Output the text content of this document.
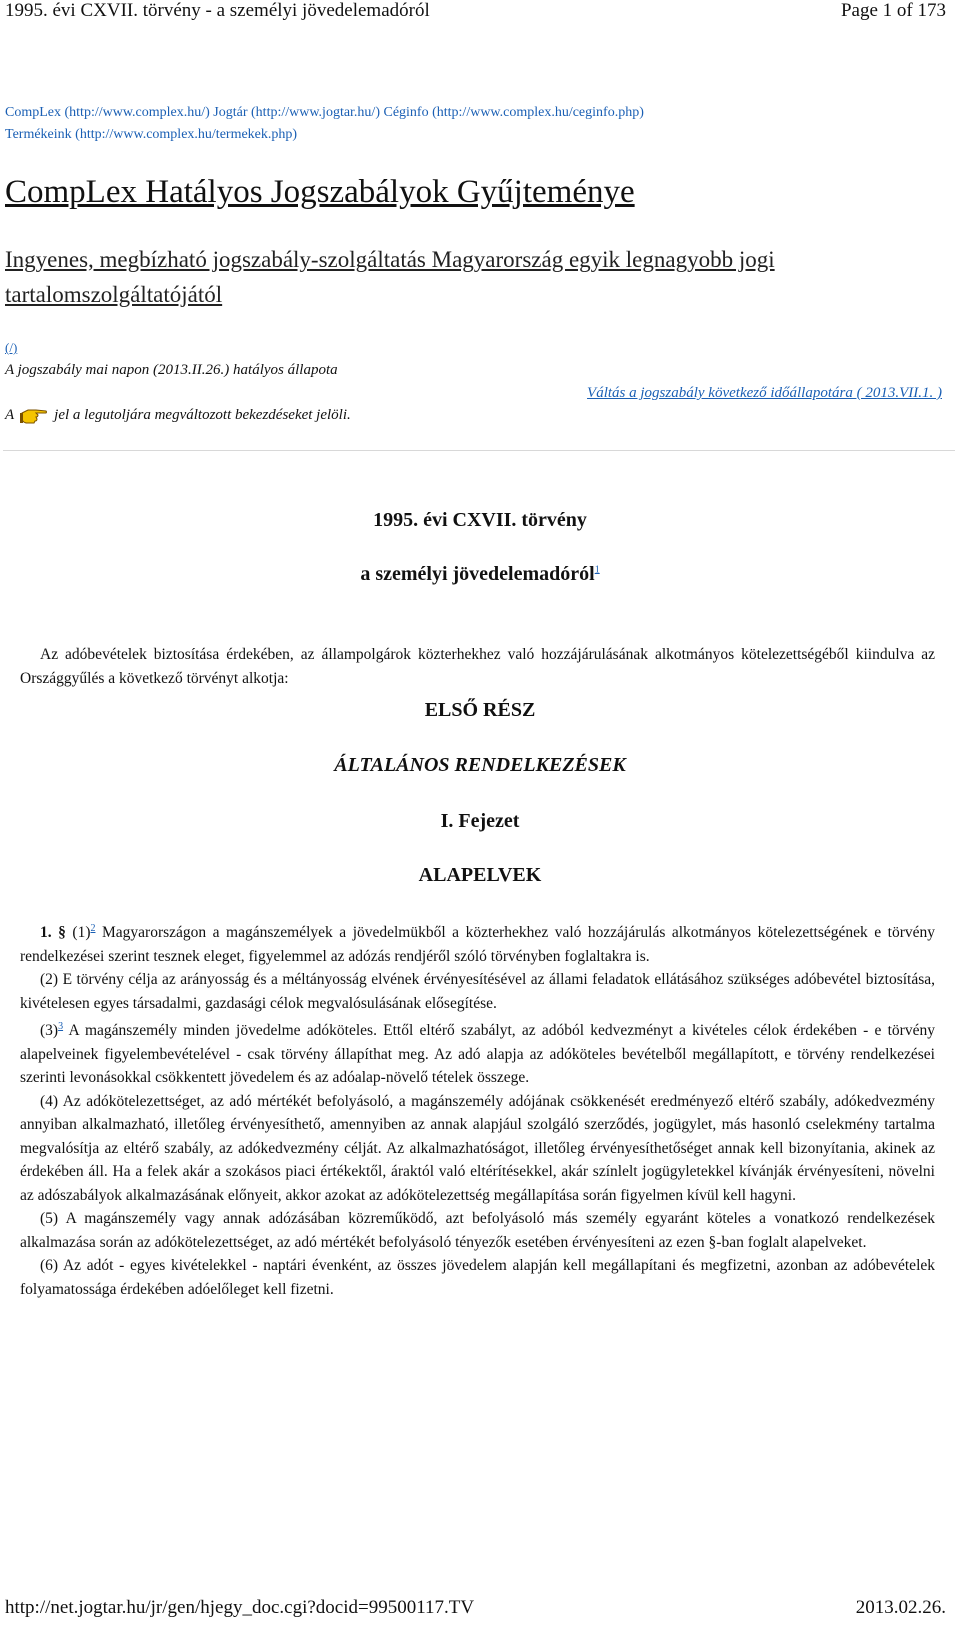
1995. évi CXVII. törvény - a személyi jövedelemadóról	Page 1 of 173
CompLex (http://www.complex.hu/) Jogtár (http://www.jogtar.hu/) Céginfo (http://www.complex.hu/ceginfo.php)
Termékeink (http://www.complex.hu/termekek.php)
CompLex Hatályos Jogszabályok Gyűjteménye
Ingyenes, megbízható jogszabály-szolgáltatás Magyarország egyik legnagyobb jogi tartalomszolgáltatójától
(/)
A jogszabály mai napon (2013.II.26.) hatályos állapota
Váltás a jogszabály következő időállapotára ( 2013.VII.1. )
A	jel a legutoljára megváltozott bekezdéseket jelöli.
1995. évi CXVII. törvény
a személyi jövedelemadóról$^1$

Az adóbevételek biztosítása érdekében, az állampolgárok közterhekhez való hozzájárulásának alkotmányos kötelezettségéből kiindulva az Országgyűlés a következő törvényt alkotja:

ELSŐ RÉSZ
ÁLTALÁNOS RENDELKEZÉSEK
I. Fejezet
ALAPELVEK

1. § (1)$^2$ Magyarországon a magánszemélyek a jövedelmükből a közterhekhez való hozzájárulás alkotmányos kötelezettségének e törvény rendelkezései szerint tesznek eleget, figyelemmel az adózás rendjéről szóló törvényben foglaltakra is.

(2) E törvény célja az arányosság és a méltányosság elvének érvényesítésével az állami feladatok ellátásához szükséges adóbevétel biztosítása, kivételesen egyes társadalmi, gazdasági célok megvalósulásának elősegítése.

(3)$^3$ A magánszemély minden jövedelme adóköteles. Ettől eltérő szabályt, az adóból kedvezményt a kivételes célok érdekében - e törvény alapelveinek figyelembevételével - csak törvény állapíthat meg. Az adó alapja az adóköteles bevételből megállapított, e törvény rendelkezései szerinti levonásokkal csökkentett jövedelem és az adóalap-növelő tételek összege.

(4) Az adókötelezettséget, az adó mértékét befolyásoló, a magánszemély adójának csökkenését eredményező eltérő szabály, adókedvezmény annyiban alkalmazható, illetőleg érvényesíthető, amennyiben az annak alapjául szolgáló szerződés, jogügylet, más hasonló cselekmény tartalma megvalósítja az eltérő szabály, az adókedvezmény célját. Az alkalmazhatóságot, illetőleg érvényesíthetőséget annak kell bizonyítania, akinek az érdekében áll. Ha a felek akár a szokásos piaci értékektől, áraktól való eltérítésekkel, akár színlelt jogügyletekkel kívánják érvényesíteni, növelni az adószabályok alkalmazásának előnyeit, akkor azokat az adókötelezettség megállapítása során figyelmen kívül kell hagyni.

(5) A magánszemély vagy annak adózásában közreműködő, azt befolyásoló más személy egyaránt köteles a vonatkozó rendelkezések alkalmazása során az adókötelezettséget, az adó mértékét befolyásoló tényezők esetében érvényesíteni az ezen §-ban foglalt alapelveket.

(6) Az adót - egyes kivételekkel - naptári évenként, az összes jövedelem alapján kell megállapítani és megfizetni, azonban az adóbevételek folyamatossága érdekében adóelőleget kell fizetni.

http://net.jogtar.hu/jr/gen/hjegy_doc.cgi?docid=99500117.TV	2013.02.26.
